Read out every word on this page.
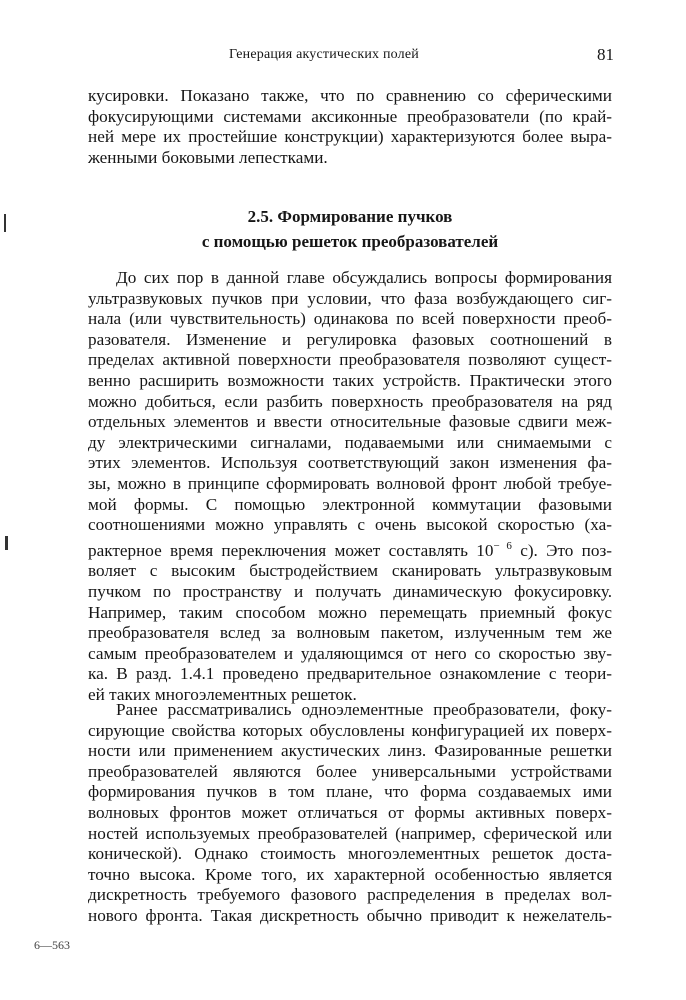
Генерация акустических полей	81
кусировки. Показано также, что по сравнению со сферическими
фокусирующими системами аксиконные преобразователи (по край-
ней мере их простейшие конструкции) характеризуются более выра-
женными боковыми лепестками.
2.5. Формирование пучков
с помощью решеток преобразователей
До сих пор в данной главе обсуждались вопросы формирования
ультразвуковых пучков при условии, что фаза возбуждающего сиг-
нала (или чувствительность) одинакова по всей поверхности преоб-
разователя. Изменение и регулировка фазовых соотношений в
пределах активной поверхности преобразователя позволяют сущест-
венно расширить возможности таких устройств. Практически этого
можно добиться, если разбить поверхность преобразователя на ряд
отдельных элементов и ввести относительные фазовые сдвиги меж-
ду электрическими сигналами, подаваемыми или снимаемыми с
этих элементов. Используя соответствующий закон изменения фа-
зы, можно в принципе сформировать волновой фронт любой требуе-
мой формы. С помощью электронной коммутации фазовыми
соотношениями можно управлять с очень высокой скоростью (ха-
рактерное время переключения может составлять $10^{- 6}$ с). Это поз-
воляет с высоким быстродействием сканировать ультразвуковым
пучком по пространству и получать динамическую фокусировку.
Например, таким способом можно перемещать приемный фокус
преобразователя вслед за волновым пакетом, излученным тем же
самым преобразователем и удаляющимся от него со скоростью зву-
ка. В разд. 1.4.1 проведено предварительное ознакомление с теори-
ей таких многоэлементных решеток.
Ранее рассматривались одноэлементные преобразователи, фоку-
сирующие свойства которых обусловлены конфигурацией их поверх-
ности или применением акустических линз. Фазированные решетки
преобразователей являются более универсальными устройствами
формирования пучков в том плане, что форма создаваемых ими
волновых фронтов может отличаться от формы активных поверх-
ностей используемых преобразователей (например, сферической или
конической). Однако стоимость многоэлементных решеток доста-
точно высока. Кроме того, их характерной особенностью является
дискретность требуемого фазового распределения в пределах вол-
нового фронта. Такая дискретность обычно приводит к нежелатель-
6—563
